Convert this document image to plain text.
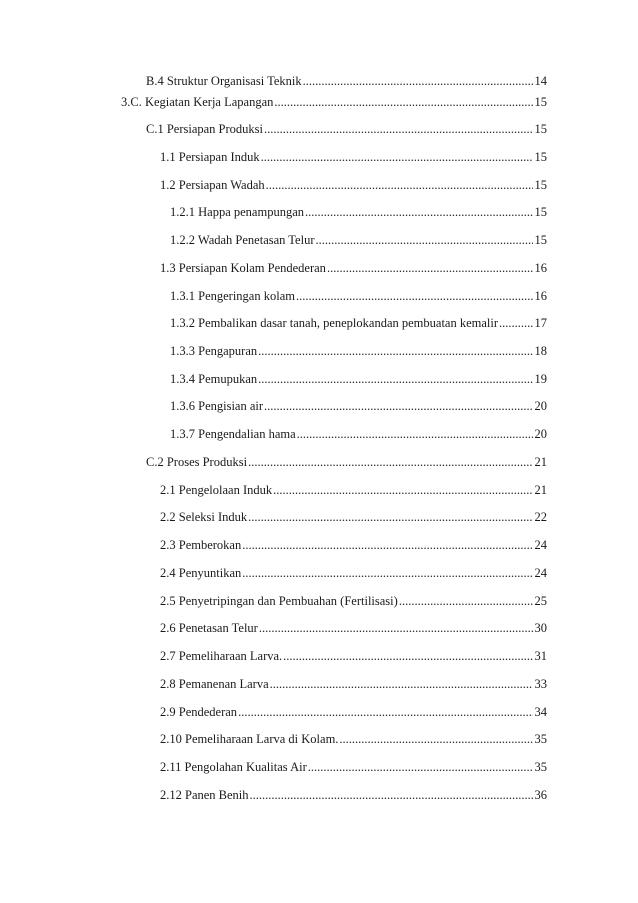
B.4 Struktur Organisasi Teknik .....	14
3.C. Kegiatan Kerja Lapangan .....	15
C.1 Persiapan Produksi .....	15
1.1 Persiapan Induk .....	15
1.2 Persiapan Wadah .....	15
1.2.1 Happa penampungan .....	15
1.2.2 Wadah Penetasan Telur .....	15
1.3 Persiapan Kolam Pendederan .....	16
1.3.1 Pengeringan kolam .....	16
1.3.2 Pembalikan dasar tanah, peneplokandan pembuatan kemalir .....	17
1.3.3 Pengapuran .....	18
1.3.4 Pemupukan .....	19
1.3.6 Pengisian air .....	20
1.3.7 Pengendalian hama .....	20
C.2 Proses Produksi .....	21
2.1 Pengelolaan Induk .....	21
2.2 Seleksi Induk .....	22
2.3 Pemberokan .....	24
2.4 Penyuntikan .....	24
2.5 Penyetripingan dan Pembuahan (Fertilisasi) .....	25
2.6 Penetasan Telur .....	30
2.7 Pemeliharaan Larva. .....	31
2.8 Pemanenan Larva .....	33
2.9 Pendederan .....	34
2.10 Pemeliharaan Larva di Kolam. .....	35
2.11 Pengolahan Kualitas Air .....	35
2.12 Panen Benih .....	36
